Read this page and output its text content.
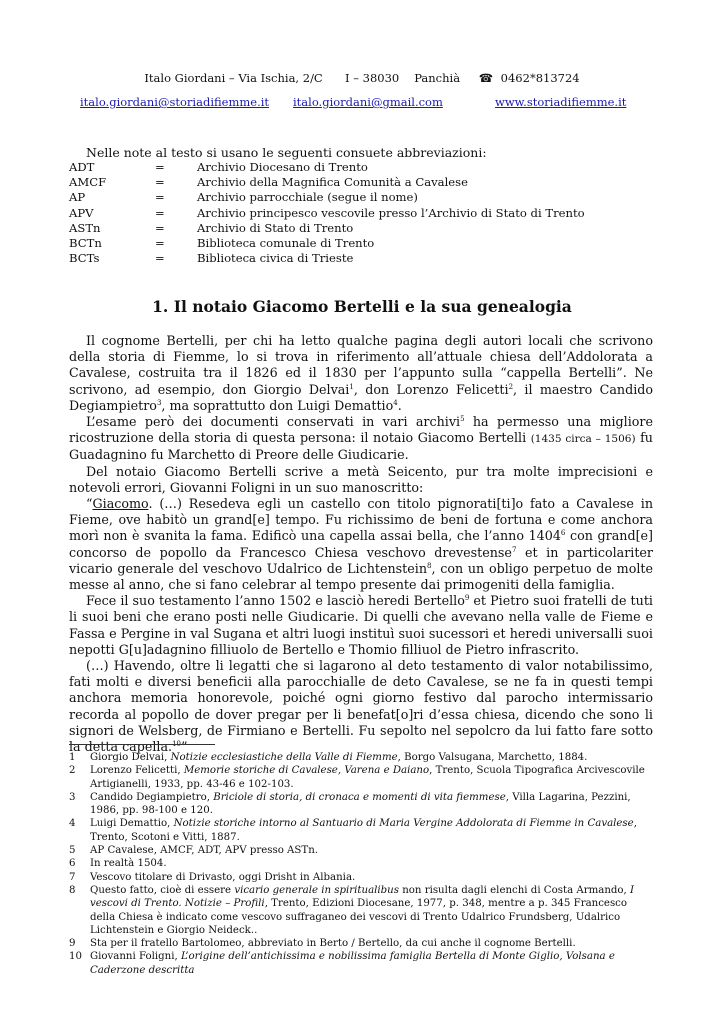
Italo Giordani – Via Ischia, 2/C I – 38030 Panchià ☎ 0462*813724
italo.giordani@storiadifiemme.it italo.giordani@gmail.com	www.storiadifiemme.it
Nelle note al testo si usano le seguenti consuete abbreviazioni:
ADT	=	Archivio Diocesano di Trento
AMCF	=	Archivio della Magnifica Comunità a Cavalese
AP	=	Archivio parrocchiale (segue il nome)
APV	=	Archivio principesco vescovile presso l’Archivio di Stato di Trento
ASTn	=	Archivio di Stato di Trento
BCTn	=	Biblioteca comunale di Trento
BCTs	=	Biblioteca civica di Trieste
1. Il notaio Giacomo Bertelli e la sua genealogia

Il cognome Bertelli, per chi ha letto qualche pagina degli autori locali che scrivono della storia di Fiemme, lo si trova in riferimento all’attuale chiesa dell’Addolorata a Cavalese, costruita tra il 1826 ed il 1830 per l’appunto sulla “cappella Bertelli”. Ne scrivono, ad esempio, don Giorgio Delvai$^1$, don Lorenzo Felicetti$^2$, il maestro Candido Degiampietro$^3$, ma soprattutto don Luigi Demattio$^4$.

L’esame però dei documenti conservati in vari archivi$^5$ ha permesso una migliore ricostruzione della storia di questa persona: il notaio Giacomo Bertelli (1435 circa – 1506) fu Guadagnino fu Marchetto di Preore delle Giudicarie.

Del notaio Giacomo Bertelli scrive a metà Seicento, pur tra molte imprecisioni e notevoli errori, Giovanni Foligni in un suo manoscritto:

“Giacomo. (…) Resedeva egli un castello con titolo pignorati[ti]o fato a Cavalese in Fieme, ove habitò un grand[e] tempo. Fu richissimo de beni de fortuna e come anchora morì non è svanita la fama. Edificò una capella assai bella, che l’anno 1404$^6$ con grand[e] concorso de popollo da Francesco Chiesa veschovo drevestense$^7$ et in particolariter vicario generale del veschovo Udalrico de Lichtenstein$^8$, con un obligo perpetuo de molte messe al anno, che si fano celebrar al tempo presente dai primogeniti della famiglia.

Fece il suo testamento l’anno 1502 e lasciò heredi Bertello$^9$ et Pietro suoi fratelli de tuti li suoi beni che erano posti nelle Giudicarie. Di quelli che avevano nella valle de Fieme e Fassa e Pergine in val Sugana et altri luogi instituì suoi sucessori et heredi universalli suoi nepotti G[u]adagnino filliuolo de Bertello e Thomio filliuol de Pietro infrascrito.

(…) Havendo, oltre li legatti che si lagarono al deto testamento di valor notabilissimo, fati molti e diversi beneficii alla parocchialle de deto Cavalese, se ne fa in questi tempi anchora memoria honorevole, poiché ogni giorno festivo dal parocho intermissario recorda al popollo de dover pregar per li benefat[o]ri d’essa chiesa, dicendo che sono li signori de Welsberg, de Firmiano e Bertelli. Fu sepolto nel sepolcro da lui fatto fare sotto la detta capella.$^{10}$”

1 Giorgio Delvai, Notizie ecclesiastiche della Valle di Fiemme, Borgo Valsugana, Marchetto, 1884.
2 Lorenzo Felicetti, Memorie storiche di Cavalese, Varena e Daiano, Trento, Scuola Tipografica Arcivescovile Artigianelli, 1933, pp. 43-46 e 102-103.
3 Candido Degiampietro, Briciole di storia, di cronaca e momenti di vita fiemmese, Villa Lagarina, Pezzini, 1986, pp. 98-100 e 120.
4 Luigi Demattio, Notizie storiche intorno al Santuario di Maria Vergine Addolorata di Fiemme in Cavalese, Trento, Scotoni e Vitti, 1887.
5 AP Cavalese, AMCF, ADT, APV presso ASTn.
6 In realtà 1504.
7 Vescovo titolare di Drivasto, oggi Drisht in Albania.
8 Questo fatto, cioè di essere vicario generale in spiritualibus non risulta dagli elenchi di Costa Armando, I vescovi di Trento. Notizie – Profili, Trento, Edizioni Diocesane, 1977, p. 348, mentre a p. 345 Francesco della Chiesa è indicato come vescovo suffraganeo dei vescovi di Trento Udalrico Frundsberg, Udalrico Lichtenstein e Giorgio Neideck..
9 Sta per il fratello Bartolomeo, abbreviato in Berto / Bertello, da cui anche il cognome Bertelli.
10 Giovanni Foligni, L’origine dell’antichissima e nobilissima famiglia Bertella di Monte Giglio, Volsana e Caderzone descritta
